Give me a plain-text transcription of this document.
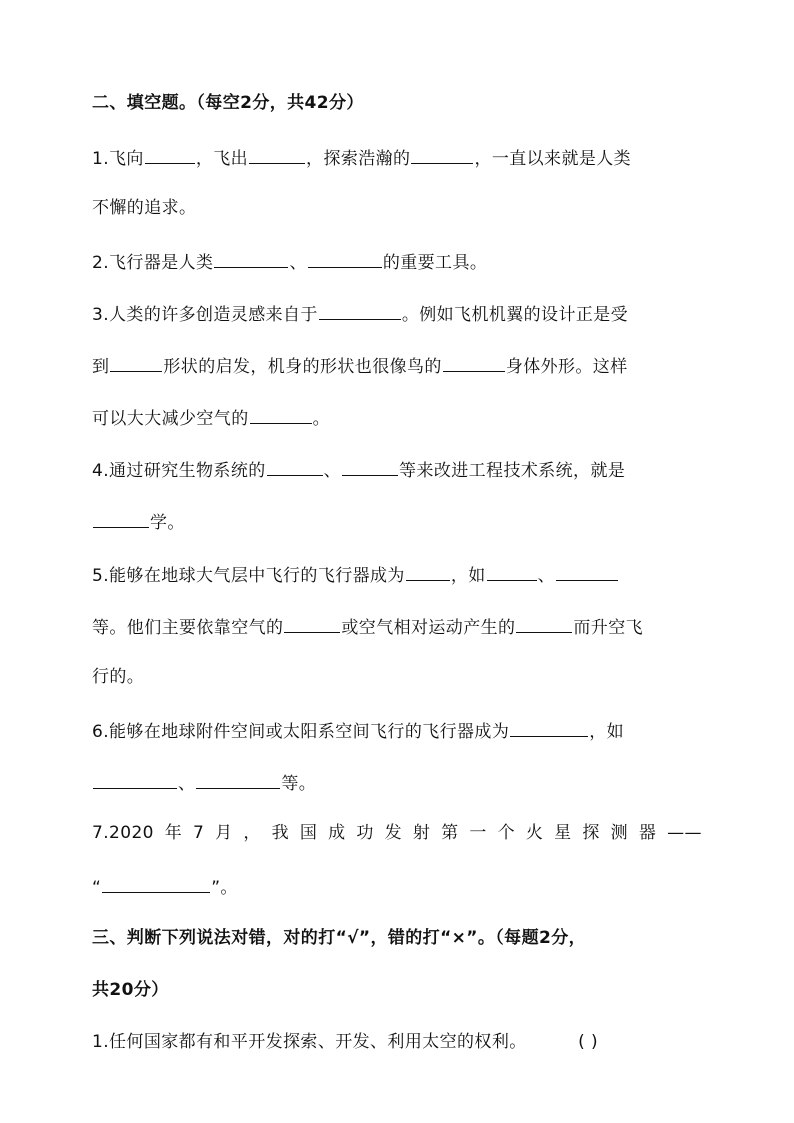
二、填空题。（每空2分，共42分）

1.飞向	，飞出	，探索浩瀚的	，一直以来就是人类

不懈的追求。

2.飞行器是人类	、	的重要工具。

3.人类的许多创造灵感来自于	。例如飞机机翼的设计正是受

到	形状的启发，机身的形状也很像鸟的	身体外形。这样

可以大大减少空气的	。

4.通过研究生物系统的	、	等来改进工程技术系统，就是

学。

5.能够在地球大气层中飞行的飞行器成为	，如	、

等。他们主要依靠空气的	或空气相对运动产生的	而升空飞

行的。

6.能够在地球附件空间或太阳系空间飞行的飞行器成为	，如

、	等。

7.2020 年 7 月 ， 我 国 成 功 发 射 第 一 个 火 星 探 测 器 ——

“	”。

三、判断下列说法对错，对的打“√”，错的打“×”。（每题2分，

共20分）

1.任何国家都有和平开发探索、开发、利用太空的权利。	( )
